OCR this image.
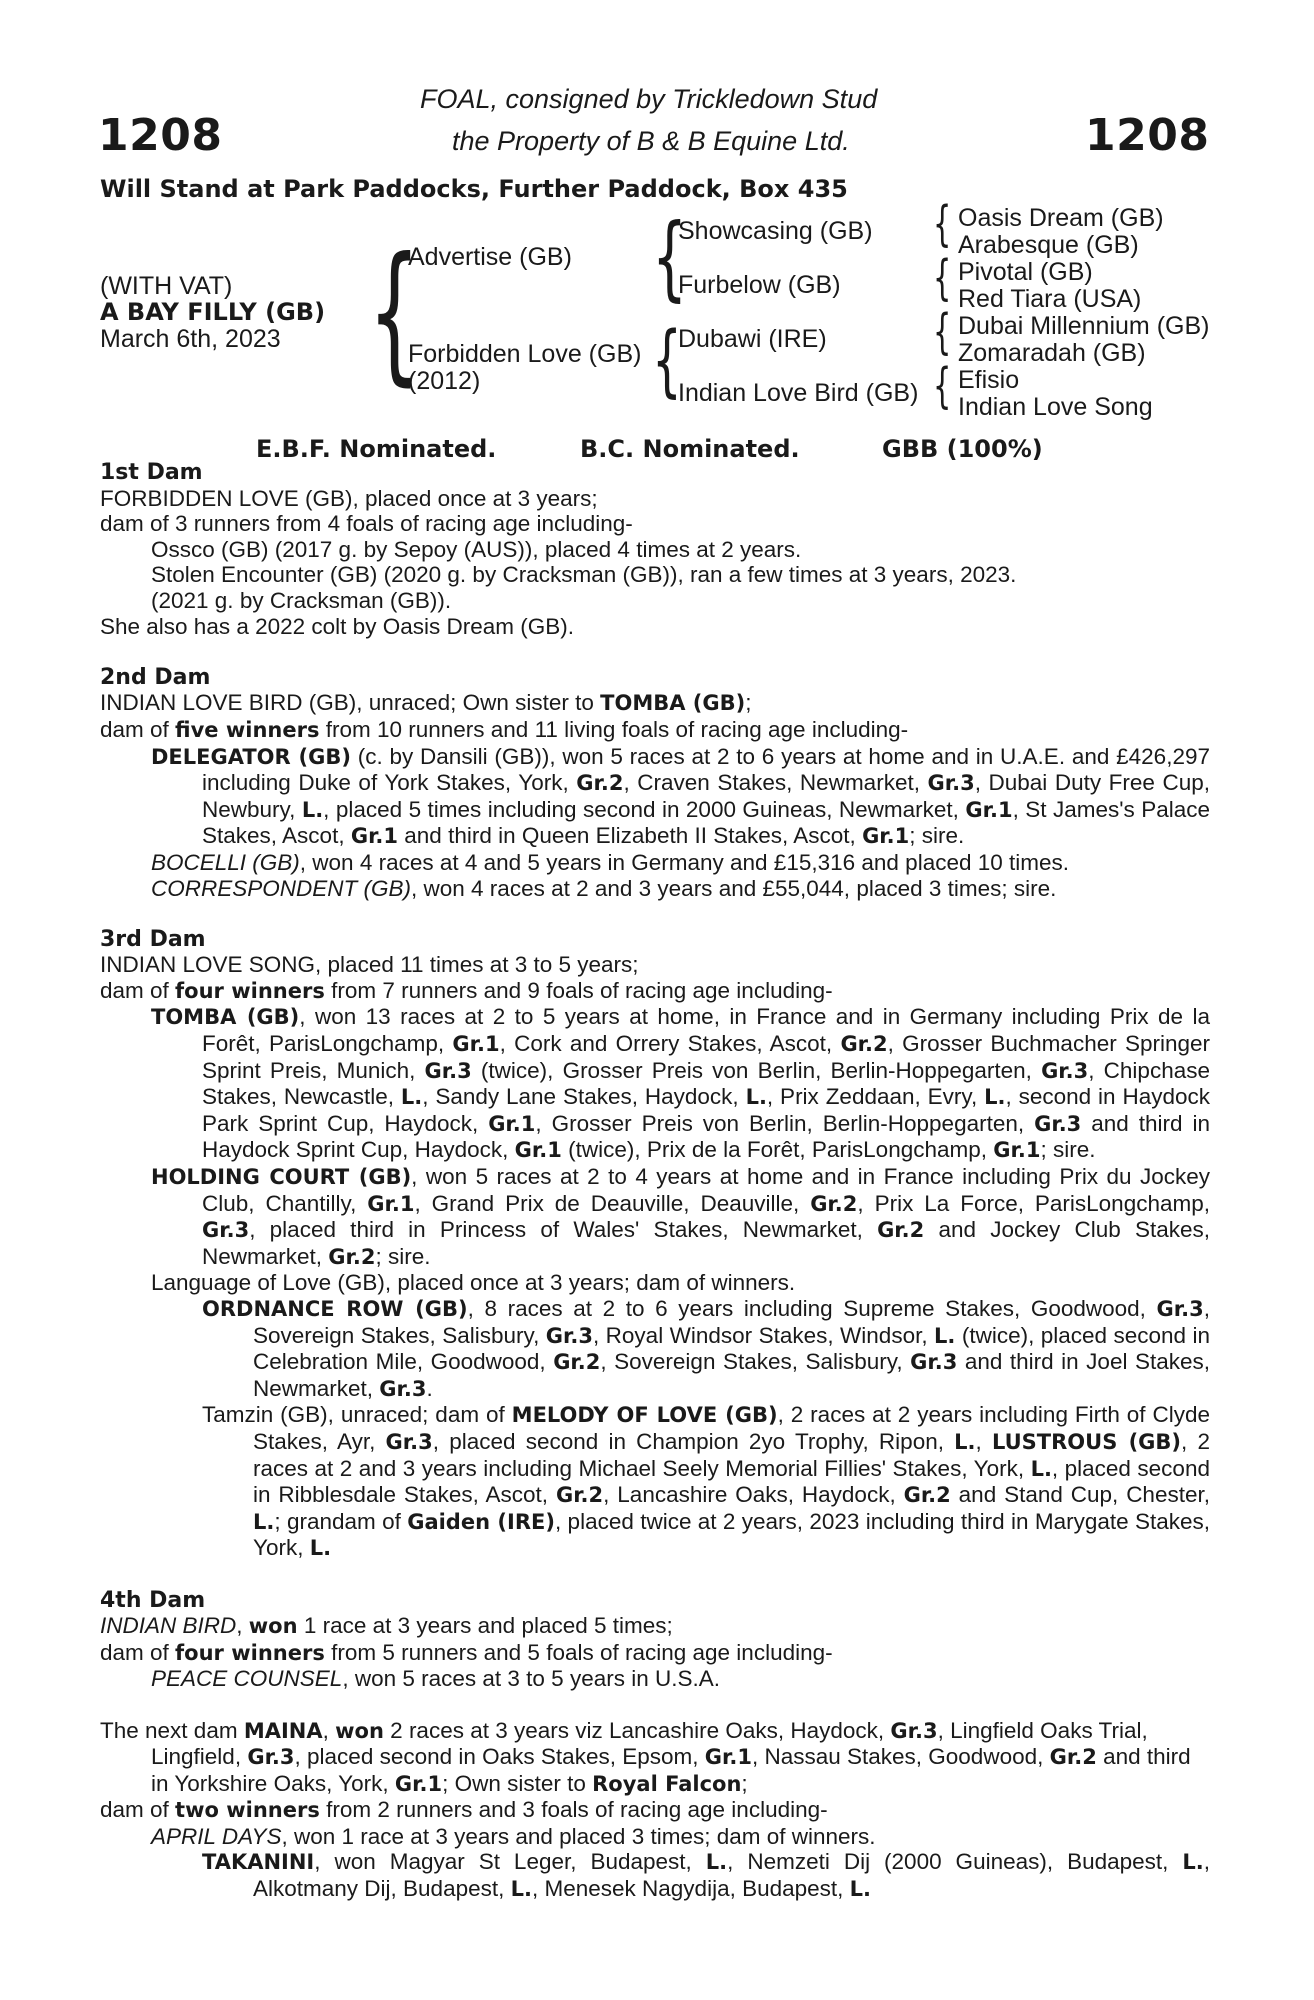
1208	1208
FOAL, consigned by Trickledown Stud
the Property of B & B Equine Ltd.
Will Stand at Park Paddocks, Further Paddock, Box 435
(WITH VAT)
A BAY FILLY (GB)
March 6th, 2023 {
Advertise (GB)
Forbidden Love (GB)
(2012)
{
{
Showcasing (GB)
Furbelow (GB)
Dubawi (IRE)
Indian Love Bird (GB)
{
{
{
{
Oasis Dream (GB)
Arabesque (GB)
Pivotal (GB)
Red Tiara (USA)
Dubai Millennium (GB)
Zomaradah (GB)
Efisio
Indian Love Song
E.B.F. Nominated.	B.C. Nominated.	GBB (100%)

1st Dam

FORBIDDEN LOVE (GB), placed once at 3 years;

dam of 3 runners from 4 foals of racing age including-

Ossco (GB) (2017 g. by Sepoy (AUS)), placed 4 times at 2 years.

Stolen Encounter (GB) (2020 g. by Cracksman (GB)), ran a few times at 3 years, 2023.

(2021 g. by Cracksman (GB)).

She also has a 2022 colt by Oasis Dream (GB).

2nd Dam

INDIAN LOVE BIRD (GB), unraced; Own sister to TOMBA (GB);

dam of five winners from 10 runners and 11 living foals of racing age including-

DELEGATOR (GB) (c. by Dansili (GB)), won 5 races at 2 to 6 years at home and in U.A.E. and £426,297 including Duke of York Stakes, York, Gr.2, Craven Stakes, Newmarket, Gr.3, Dubai Duty Free Cup, Newbury, L., placed 5 times including second in 2000 Guineas, Newmarket, Gr.1, St James's Palace Stakes, Ascot, Gr.1 and third in Queen Elizabeth II Stakes, Ascot, Gr.1; sire.

BOCELLI (GB), won 4 races at 4 and 5 years in Germany and £15,316 and placed 10 times.

CORRESPONDENT (GB), won 4 races at 2 and 3 years and £55,044, placed 3 times; sire.

3rd Dam

INDIAN LOVE SONG, placed 11 times at 3 to 5 years;

dam of four winners from 7 runners and 9 foals of racing age including-

TOMBA (GB), won 13 races at 2 to 5 years at home, in France and in Germany including Prix de la Forêt, ParisLongchamp, Gr.1, Cork and Orrery Stakes, Ascot, Gr.2, Grosser Buchmacher Springer Sprint Preis, Munich, Gr.3 (twice), Grosser Preis von Berlin, Berlin-Hoppegarten, Gr.3, Chipchase Stakes, Newcastle, L., Sandy Lane Stakes, Haydock, L., Prix Zeddaan, Evry, L., second in Haydock Park Sprint Cup, Haydock, Gr.1, Grosser Preis von Berlin, Berlin-Hoppegarten, Gr.3 and third in Haydock Sprint Cup, Haydock, Gr.1 (twice), Prix de la Forêt, ParisLongchamp, Gr.1; sire.

HOLDING COURT (GB), won 5 races at 2 to 4 years at home and in France including Prix du Jockey Club, Chantilly, Gr.1, Grand Prix de Deauville, Deauville, Gr.2, Prix La Force, ParisLongchamp, Gr.3, placed third in Princess of Wales' Stakes, Newmarket, Gr.2 and Jockey Club Stakes, Newmarket, Gr.2; sire.

Language of Love (GB), placed once at 3 years; dam of winners.

ORDNANCE ROW (GB), 8 races at 2 to 6 years including Supreme Stakes, Goodwood, Gr.3, Sovereign Stakes, Salisbury, Gr.3, Royal Windsor Stakes, Windsor, L. (twice), placed second in Celebration Mile, Goodwood, Gr.2, Sovereign Stakes, Salisbury, Gr.3 and third in Joel Stakes, Newmarket, Gr.3.

Tamzin (GB), unraced; dam of MELODY OF LOVE (GB), 2 races at 2 years including Firth of Clyde Stakes, Ayr, Gr.3, placed second in Champion 2yo Trophy, Ripon, L., LUSTROUS (GB), 2 races at 2 and 3 years including Michael Seely Memorial Fillies' Stakes, York, L., placed second in Ribblesdale Stakes, Ascot, Gr.2, Lancashire Oaks, Haydock, Gr.2 and Stand Cup, Chester, L.; grandam of Gaiden (IRE), placed twice at 2 years, 2023 including third in Marygate Stakes, York, L.

4th Dam

INDIAN BIRD, won 1 race at 3 years and placed 5 times;

dam of four winners from 5 runners and 5 foals of racing age including-

PEACE COUNSEL, won 5 races at 3 to 5 years in U.S.A.

The next dam MAINA, won 2 races at 3 years viz Lancashire Oaks, Haydock, Gr.3, Lingfield Oaks Trial, Lingfield, Gr.3, placed second in Oaks Stakes, Epsom, Gr.1, Nassau Stakes, Goodwood, Gr.2 and third in Yorkshire Oaks, York, Gr.1; Own sister to Royal Falcon;

dam of two winners from 2 runners and 3 foals of racing age including-

APRIL DAYS, won 1 race at 3 years and placed 3 times; dam of winners.

TAKANINI, won Magyar St Leger, Budapest, L., Nemzeti Dij (2000 Guineas), Budapest, L., Alkotmany Dij, Budapest, L., Menesek Nagydija, Budapest, L.
